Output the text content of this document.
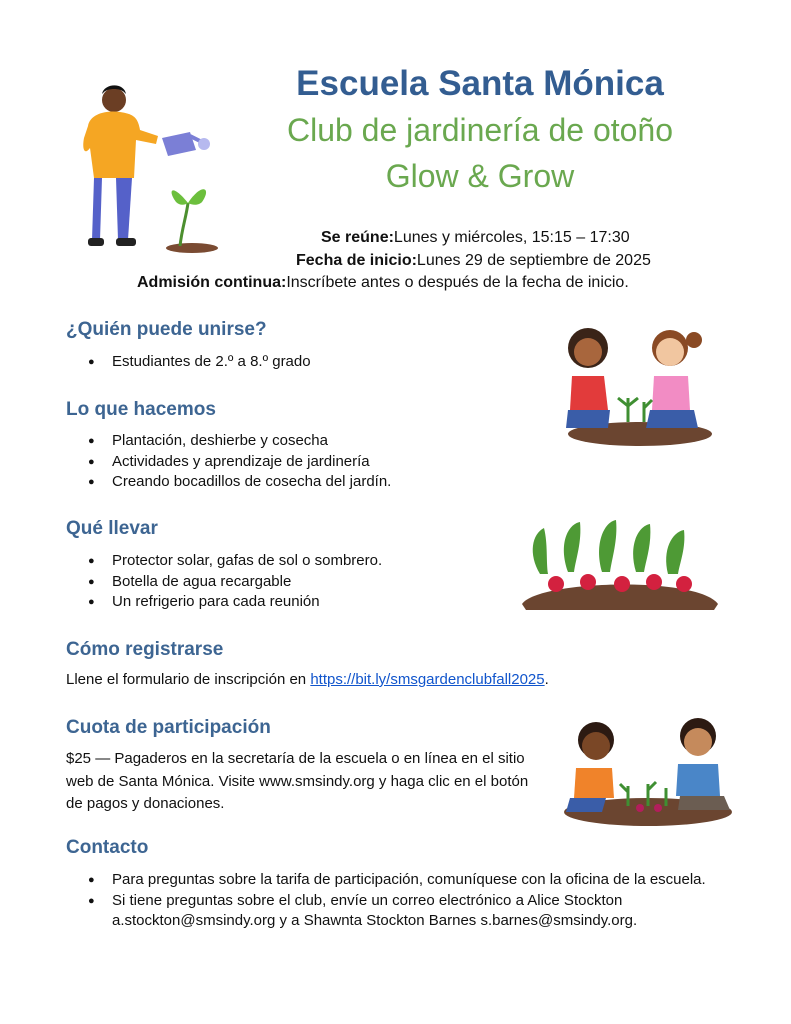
Escuela Santa Mónica
Club de jardinería de otoño
Glow & Grow
Se reúne:Lunes y miércoles, 15:15 – 17:30
Fecha de inicio:Lunes 29 de septiembre de 2025
Admisión continua:Inscríbete antes o después de la fecha de inicio.
¿Quién puede unirse?
● Estudiantes de 2.º a 8.º grado
Lo que hacemos
● Plantación, deshierbe y cosecha
● Actividades y aprendizaje de jardinería
● Creando bocadillos de cosecha del jardín.
Qué llevar
● Protector solar, gafas de sol o sombrero.
● Botella de agua recargable
● Un refrigerio para cada reunión
Cómo registrarse
Llene el formulario de inscripción en https://bit.ly/smsgardenclubfall2025.
Cuota de participación
$25 — Pagaderos en la secretaría de la escuela o en línea en el sitio web de Santa Mónica. Visite www.smsindy.org y haga clic en el botón de pagos y donaciones.
Contacto
● Para preguntas sobre la tarifa de participación, comuníquese con la oficina de la escuela.
● Si tiene preguntas sobre el club, envíe un correo electrónico a Alice Stockton a.stockton@smsindy.org y a Shawnta Stockton Barnes s.barnes@smsindy.org.
